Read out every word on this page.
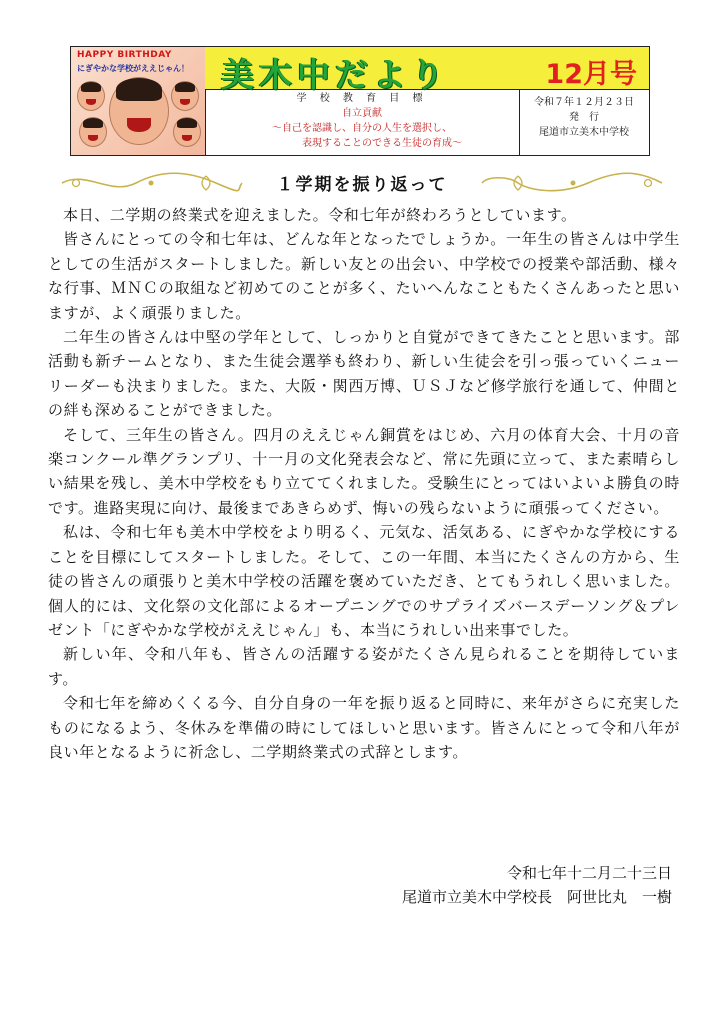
HAPPY BIRTHDAY
にぎやかな学校がええじゃん！ 美木中だより	12月号
学 校 教 育 目 標
自立貢献
～自己を認識し、自分の人生を選択し、
表現することのできる生徒の育成～
令和７年１２月２３日
発　行
尾道市立美木中学校
１学期を振り返って

本日、二学期の終業式を迎えました。令和七年が終わろうとしています。

皆さんにとっての令和七年は、どんな年となったでしょうか。一年生の皆さんは中学生としての生活がスタートしました。新しい友との出会い、中学校での授業や部活動、様々な行事、ＭＮＣの取組など初めてのことが多く、たいへんなこともたくさんあったと思いますが、よく頑張りました。

二年生の皆さんは中堅の学年として、しっかりと自覚ができてきたことと思います。部活動も新チームとなり、また生徒会選挙も終わり、新しい生徒会を引っ張っていくニューリーダーも決まりました。また、大阪・関西万博、ＵＳＪなど修学旅行を通して、仲間との絆も深めることができました。

そして、三年生の皆さん。四月のええじゃん銅賞をはじめ、六月の体育大会、十月の音楽コンクール準グランプリ、十一月の文化発表会など、常に先頭に立って、また素晴らしい結果を残し、美木中学校をもり立ててくれました。受験生にとってはいよいよ勝負の時です。進路実現に向け、最後まであきらめず、悔いの残らないように頑張ってください。

私は、令和七年も美木中学校をより明るく、元気な、活気ある、にぎやかな学校にすることを目標にしてスタートしました。そして、この一年間、本当にたくさんの方から、生徒の皆さんの頑張りと美木中学校の活躍を褒めていただき、とてもうれしく思いました。個人的には、文化祭の文化部によるオープニングでのサプライズバースデーソング＆プレゼント「にぎやかな学校がええじゃん」も、本当にうれしい出来事でした。

新しい年、令和八年も、皆さんの活躍する姿がたくさん見られることを期待しています。

令和七年を締めくくる今、自分自身の一年を振り返ると同時に、来年がさらに充実したものになるよう、冬休みを準備の時にしてほしいと思います。皆さんにとって令和八年が良い年となるように祈念し、二学期終業式の式辞とします。

令和七年十二月二十三日
尾道市立美木中学校長　阿世比丸　一樹
